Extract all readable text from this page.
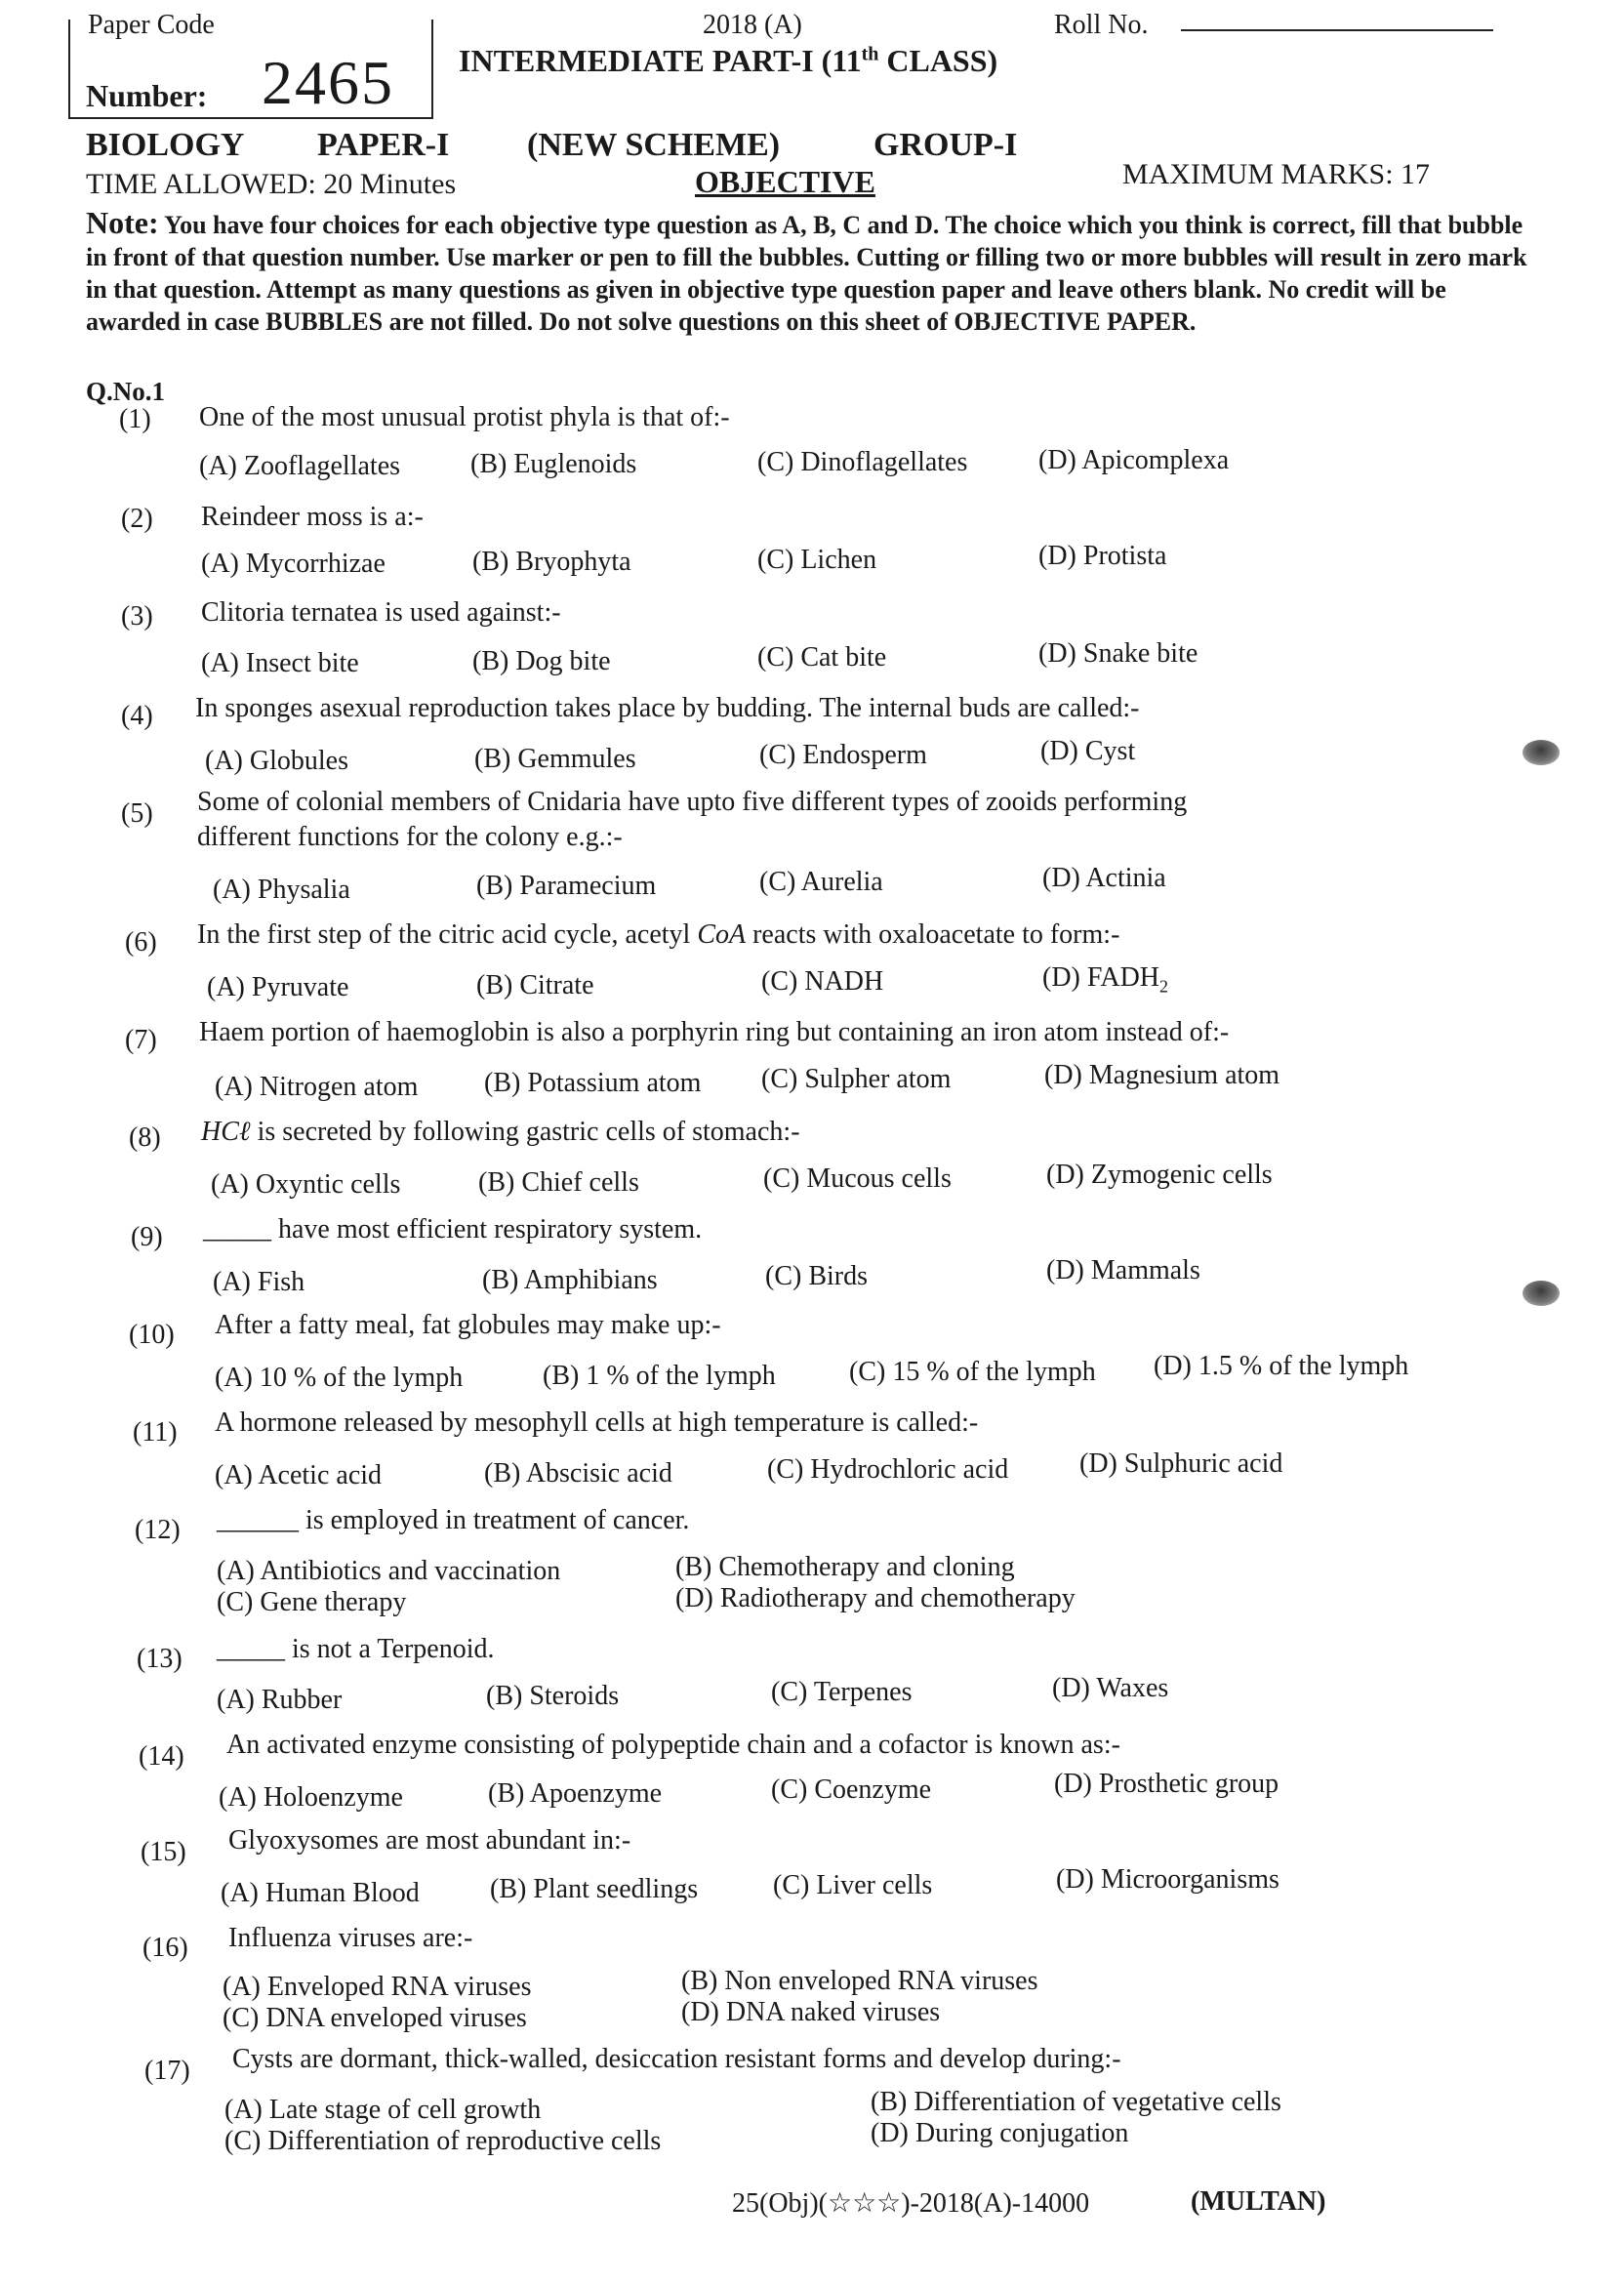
Paper Code
Number: 2465
2018 (A)	Roll No.
INTERMEDIATE PART-I (11th CLASS)
BIOLOGY PAPER-I (NEW SCHEME)	GROUP-I
TIME ALLOWED: 20 Minutes	OBJECTIVE	MAXIMUM MARKS: 17
Note: You have four choices for each objective type question as A, B, C and D. The choice which you think is correct, fill that bubble in front of that question number. Use marker or pen to fill the bubbles. Cutting or filling two or more bubbles will result in zero mark in that question. Attempt as many questions as given in objective type question paper and leave others blank. No credit will be awarded in case BUBBLES are not filled. Do not solve questions on this sheet of OBJECTIVE PAPER.
Q.No.1
(1) One of the most unusual protist phyla is that of:-
(A) Zooflagellates	(B) Euglenoids	(C) Dinoflagellates	(D) Apicomplexa
(2) Reindeer moss is a:-
(A) Mycorrhizae	(B) Bryophyta	(C) Lichen	(D) Protista
(3) Clitoria ternatea is used against:-
(A) Insect bite	(B) Dog bite	(C) Cat bite	(D) Snake bite
(4) In sponges asexual reproduction takes place by budding. The internal buds are called:-
(A) Globules	(B) Gemmules	(C) Endosperm	(D) Cyst
(5) Some of colonial members of Cnidaria have upto five different types of zooids performing
different functions for the colony e.g.:-
(A) Physalia	(B) Paramecium	(C) Aurelia	(D) Actinia
(6) In the first step of the citric acid cycle, acetyl CoA reacts with oxaloacetate to form:-
(A) Pyruvate	(B) Citrate	(C) NADH	(D) $FADH_2$
(7) Haem portion of haemoglobin is also a porphyrin ring but containing an iron atom instead of:-
(A) Nitrogen atom (B) Potassium atom (C) Sulpher atom	(D) Magnesium atom
(8) HCℓ is secreted by following gastric cells of stomach:-
(A) Oxyntic cells	(B) Chief cells	(C) Mucous cells	(D) Zymogenic cells
(9) _____ have most efficient respiratory system.
(A) Fish	(B) Amphibians	(C) Birds	(D) Mammals
(10) After a fatty meal, fat globules may make up:-
(A) 10 % of the lymph	(B) 1 % of the lymph	(C) 15 % of the lymph (D) 1.5 % of the lymph
(11) A hormone released by mesophyll cells at high temperature is called:-
(A) Acetic acid	(B) Abscisic acid	(C) Hydrochloric acid	(D) Sulphuric acid
(12) ______ is employed in treatment of cancer.
(A) Antibiotics and vaccination	(B) Chemotherapy and cloning
(C) Gene therapy	(D) Radiotherapy and chemotherapy
(13) _____ is not a Terpenoid.
(A) Rubber	(B) Steroids	(C) Terpenes	(D) Waxes
(14) An activated enzyme consisting of polypeptide chain and a cofactor is known as:-
(A) Holoenzyme	(B) Apoenzyme	(C) Coenzyme	(D) Prosthetic group
(15) Glyoxysomes are most abundant in:-
(A) Human Blood	(B) Plant seedlings	(C) Liver cells	(D) Microorganisms
(16) Influenza viruses are:-
(A) Enveloped RNA viruses	(B) Non enveloped RNA viruses
(C) DNA enveloped viruses	(D) DNA naked viruses
(17) Cysts are dormant, thick-walled, desiccation resistant forms and develop during:-
(A) Late stage of cell growth	(B) Differentiation of vegetative cells
(C) Differentiation of reproductive cells	(D) During conjugation
25(Obj)(☆☆☆)-2018(A)-14000	(MULTAN)
